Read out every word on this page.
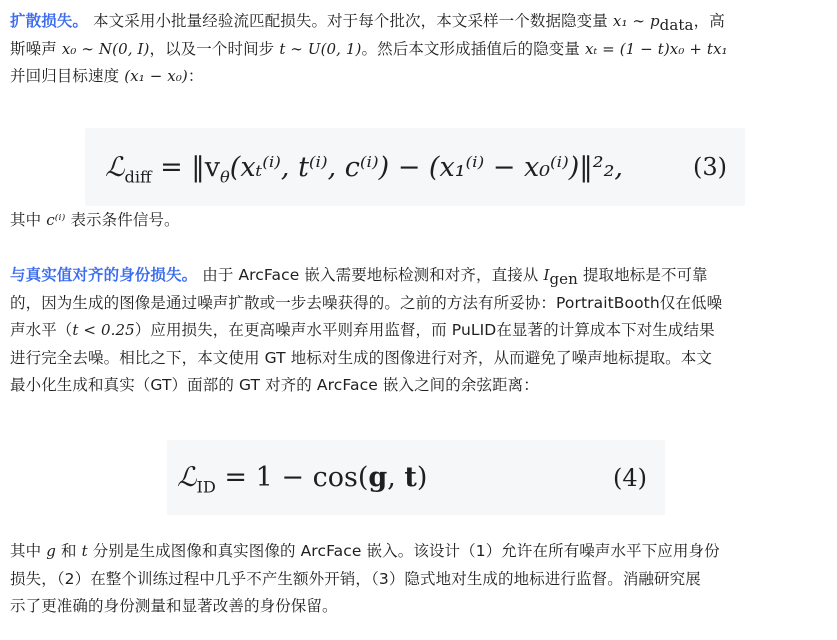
扩散损失。 本文采用小批量经验流匹配损失。对于每个批次，本文采样一个数据隐变量 x₁ ∼ $p_{data}$，高
斯噪声 x₀ ∼ N(0, I)，以及一个时间步 t ∼ U(0, 1)。然后本文形成插值后的隐变量 xₜ = (1 − t)x₀ + tx₁
并回归目标速度 (x₁ − x₀)：
ℒ$_{diff}$ = $‖v_\theta(x_t^{(i)}$, t⁽ⁱ⁾, c⁽ⁱ⁾) − (x₁⁽ⁱ⁾ − x₀⁽ⁱ⁾)‖²₂,	(3)
其中 c⁽ⁱ⁾ 表示条件信号。
与真实值对齐的身份损失。 由于 ArcFace 嵌入需要地标检测和对齐，直接从 $I_{gen}$ 提取地标是不可靠
的，因为生成的图像是通过噪声扩散或一步去噪获得的。之前的方法有所妥协：PortraitBooth仅在低噪
声水平（t < 0.25）应用损失，在更高噪声水平则弃用监督，而 PuLID在显著的计算成本下对生成结果
进行完全去噪。相比之下，本文使用 GT 地标对生成的图像进行对齐，从而避免了噪声地标提取。本文
最小化生成和真实（GT）面部的 GT 对齐的 ArcFace 嵌入之间的余弦距离：
ℒ$_{ID}$ = 1 − cos(g, t)	(4)
其中 g 和 t 分别是生成图像和真实图像的 ArcFace 嵌入。该设计（1）允许在所有噪声水平下应用身份
损失，（2）在整个训练过程中几乎不产生额外开销，（3）隐式地对生成的地标进行监督。消融研究展
示了更准确的身份测量和显著改善的身份保留。
